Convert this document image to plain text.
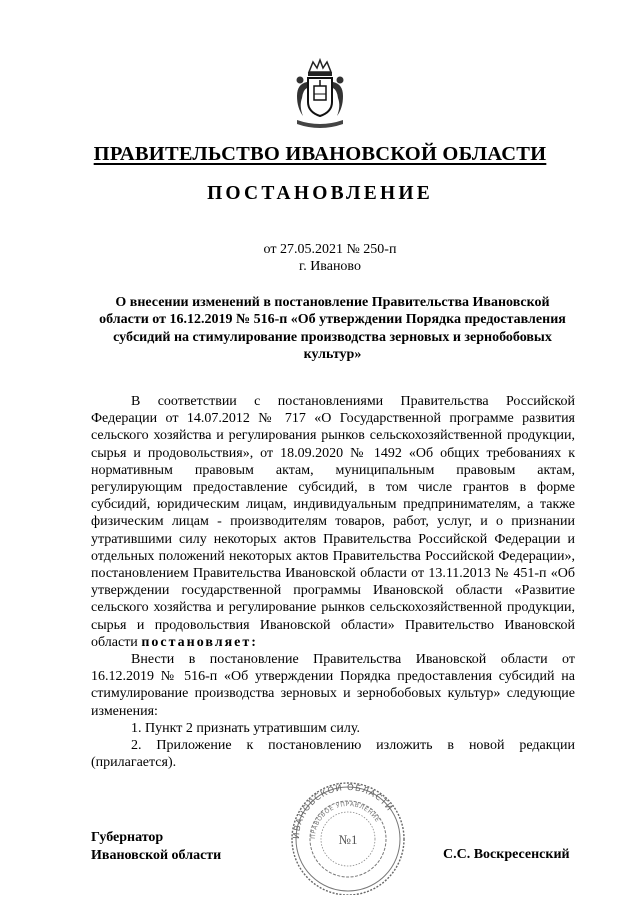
ПРАВИТЕЛЬСТВО ИВАНОВСКОЙ ОБЛАСТИ
ПОСТАНОВЛЕНИЕ
от 27.05.2021 № 250-п
г. Иваново
О внесении изменений в постановление Правительства Ивановской области от 16.12.2019 № 516-п «Об утверждении Порядка предоставления субсидий на стимулирование производства зерновых и зернобобовых культур»

В соответствии с постановлениями Правительства Российской Федерации от 14.07.2012 № 717 «О Государственной программе развития сельского хозяйства и регулирования рынков сельскохозяйственной продукции, сырья и продовольствия», от 18.09.2020 № 1492 «Об общих требованиях к нормативным правовым актам, муниципальным правовым актам, регулирующим предоставление субсидий, в том числе грантов в форме субсидий, юридическим лицам, индивидуальным предпринимателям, а также физическим лицам - производителям товаров, работ, услуг, и о признании утратившими силу некоторых актов Правительства Российской Федерации и отдельных положений некоторых актов Правительства Российской Федерации», постановлением Правительства Ивановской области от 13.11.2013 № 451-п «Об утверждении государственной программы Ивановской области «Развитие сельского хозяйства и регулирование рынков сельскохозяйственной продукции, сырья и продовольствия Ивановской области» Правительство Ивановской области постановляет:

Внести в постановление Правительства Ивановской области от 16.12.2019 № 516-п «Об утверждении Порядка предоставления субсидий на стимулирование производства зерновых и зернобобовых культур» следующие изменения:

1. Пункт 2 признать утратившим силу.

2. Приложение к постановлению изложить в новой редакции (прилагается).

Губернатор
Ивановской области
ИВАНОВСКОЙ ОБЛАСТИ
ПРАВОВОЕ УПРАВЛЕНИЕ
№1
С.С. Воскресенский
